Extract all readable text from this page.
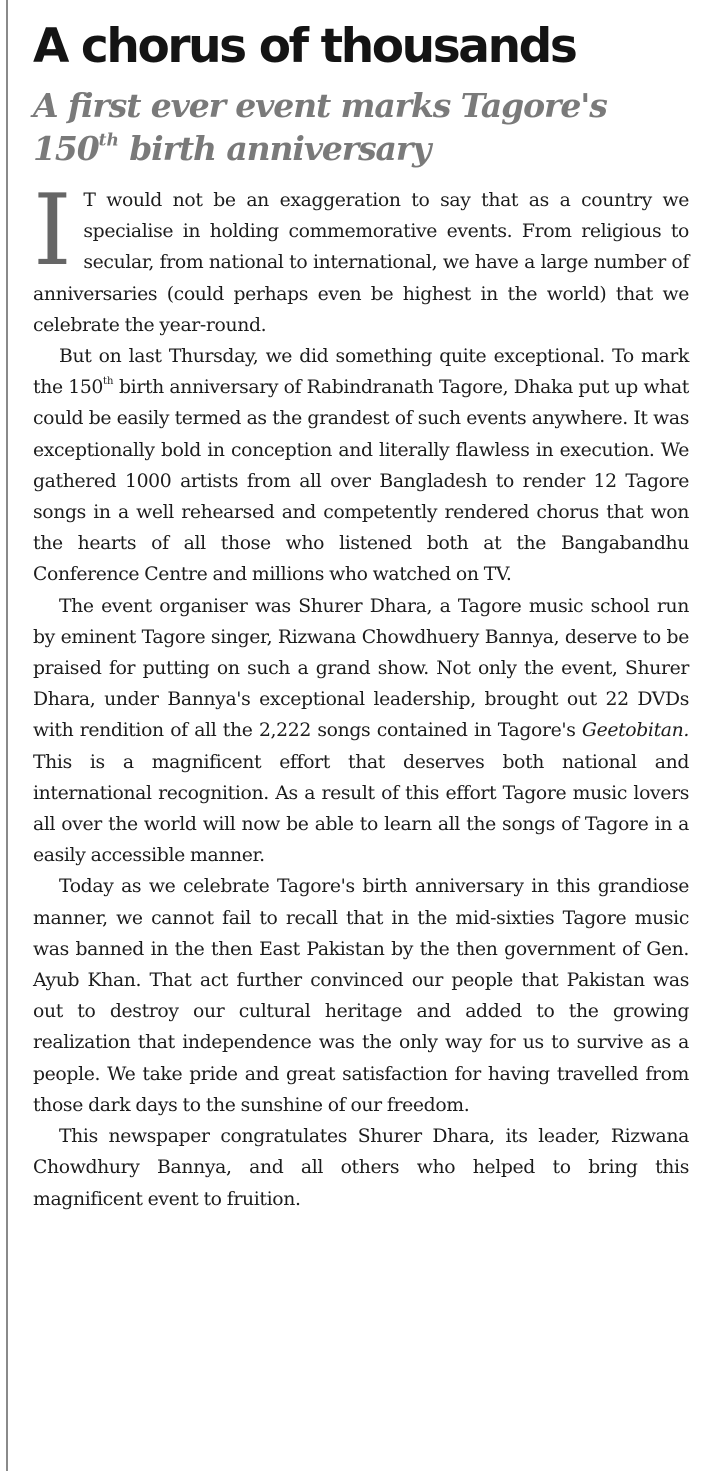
A chorus of thousands
A first ever event marks Tagore's
150th birth anniversary

I T would not be an exaggeration to say that as a country we specialise in holding commemorative events. From religious to secular, from national to international, we have a large number of anniversaries (could perhaps even be highest in the world) that we celebrate the year-round.

But on last Thursday, we did something quite exceptional. To mark the 150th birth anniversary of Rabindranath Tagore, Dhaka put up what could be easily termed as the grandest of such events anywhere. It was exceptionally bold in conception and literally flawless in execution. We gathered 1000 artists from all over Bangladesh to render 12 Tagore songs in a well rehearsed and competently rendered chorus that won the hearts of all those who listened both at the Bangabandhu Conference Centre and millions who watched on TV.

The event organiser was Shurer Dhara, a Tagore music school run by eminent Tagore singer, Rizwana Chowdhuery Bannya, deserve to be praised for putting on such a grand show. Not only the event, Shurer Dhara, under Bannya's exceptional leadership, brought out 22 DVDs with rendition of all the 2,222 songs contained in Tagore's Geetobitan. This is a magnificent effort that deserves both national and international recognition. As a result of this effort Tagore music lovers all over the world will now be able to learn all the songs of Tagore in a easily accessible manner.

Today as we celebrate Tagore's birth anniversary in this grandiose manner, we cannot fail to recall that in the mid-sixties Tagore music was banned in the then East Pakistan by the then government of Gen. Ayub Khan. That act further convinced our people that Pakistan was out to destroy our cultural heritage and added to the growing realization that independence was the only way for us to survive as a people. We take pride and great satisfaction for having travelled from those dark days to the sunshine of our freedom.

This newspaper congratulates Shurer Dhara, its leader, Rizwana Chowdhury Bannya, and all others who helped to bring this magnificent event to fruition.
